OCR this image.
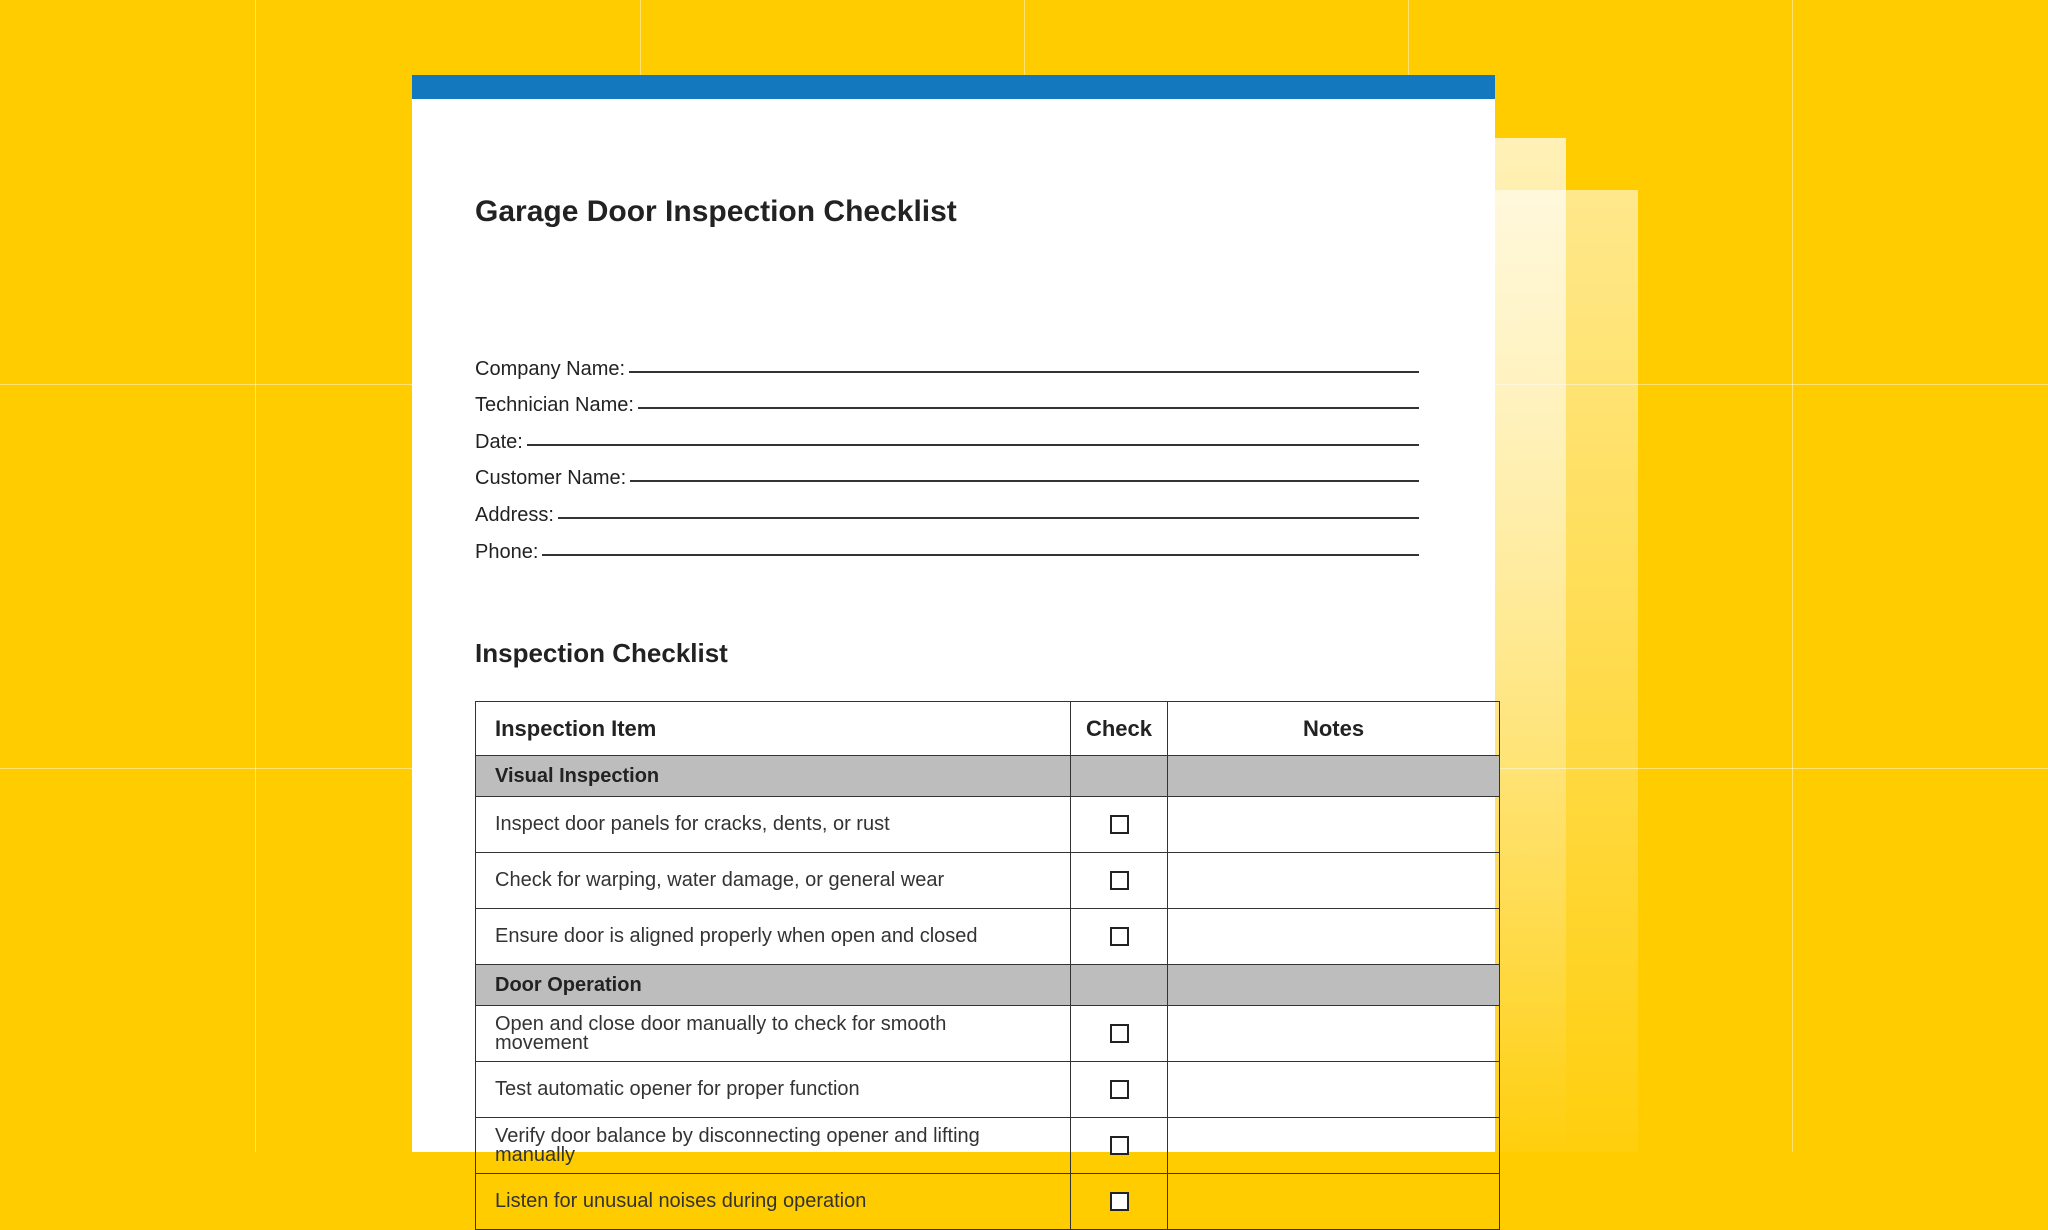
Garage Door Inspection Checklist
Company Name:
Technician Name:
Date:
Customer Name:
Address:
Phone:
Inspection Checklist
Inspection Item	Check	Notes
Visual Inspection		
Inspect door panels for cracks, dents, or rust		
Check for warping, water damage, or general wear		
Ensure door is aligned properly when open and closed		
Door Operation		
Open and close door manually to check for smooth movement		
Test automatic opener for proper function		
Verify door balance by disconnecting opener and lifting manually		
Listen for unusual noises during operation		
